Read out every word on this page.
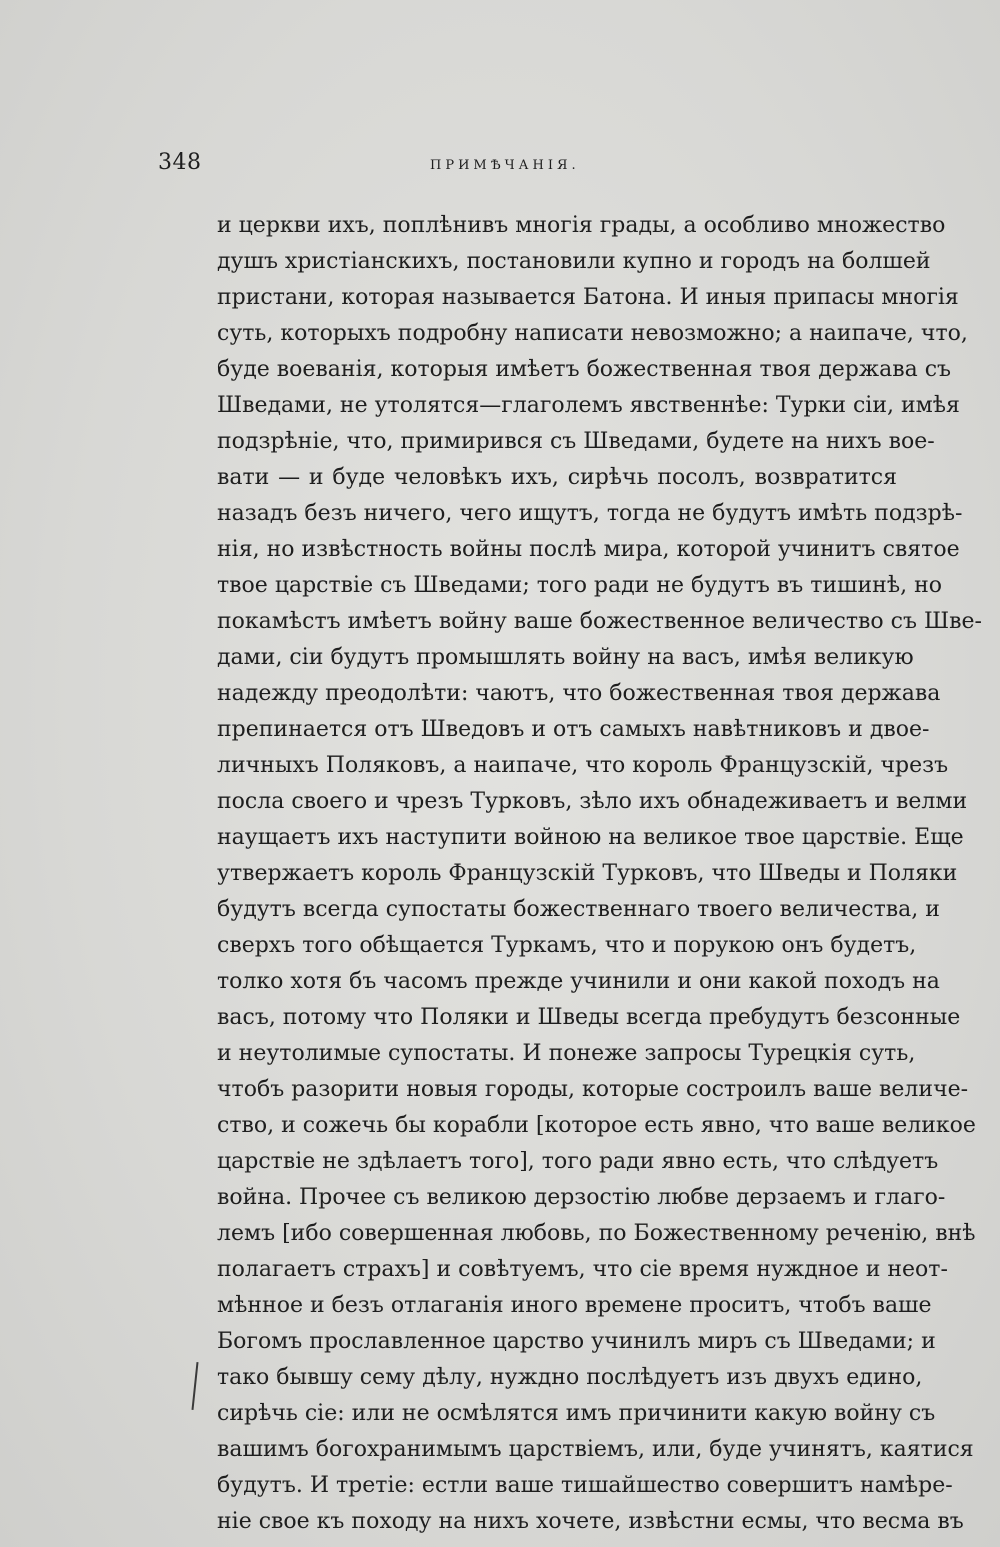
348	ПРИМѢЧАНІЯ.
и церкви ихъ, поплѣнивъ многія грады, а особливо множество
душъ христіанскихъ, постановили купно и городъ на болшей
пристани, которая называется Батона. И иныя припасы многія
суть, которыхъ подробну написати невозможно; а наипаче, что,
буде воеванія, которыя имѣетъ божественная твоя держава съ
Шведами, не утолятся—глаголемъ явственнѣе: Турки сіи, имѣя
подзрѣніе, что, примирився съ Шведами, будете на нихъ вое-
вати — и буде человѣкъ ихъ, сирѣчь посолъ, возвратится
назадъ безъ ничего, чего ищутъ, тогда не будутъ имѣть подзрѣ-
нія, но извѣстность войны послѣ мира, которой учинитъ святое
твое царствіе съ Шведами; того ради не будутъ въ тишинѣ, но
покамѣстъ имѣетъ войну ваше божественное величество съ Шве-
дами, сіи будутъ промышлять войну на васъ, имѣя великую
надежду преодолѣти: чаютъ, что божественная твоя держава
препинается отъ Шведовъ и отъ самыхъ навѣтниковъ и двое-
личныхъ Поляковъ, а наипаче, что король Французскій, чрезъ
посла своего и чрезъ Турковъ, зѣло ихъ обнадеживаетъ и велми
наущаетъ ихъ наступити войною на великое твое царствіе. Еще
утвержаетъ король Французскій Турковъ, что Шведы и Поляки
будутъ всегда супостаты божественнаго твоего величества, и
сверхъ того обѣщается Туркамъ, что и порукою онъ будетъ,
толко хотя бъ часомъ прежде учинили и они какой походъ на
васъ, потому что Поляки и Шведы всегда пребудутъ безсонные
и неутолимые супостаты. И понеже запросы Турецкія суть,
чтобъ разорити новыя городы, которые состроилъ ваше величе-
ство, и сожечь бы корабли [которое есть явно, что ваше великое
царствіе не здѣлаетъ того], того ради явно есть, что слѣдуетъ
война. Прочее съ великою дерзостію любве дерзаемъ и глаго-
лемъ [ибо совершенная любовь, по Божественному реченію, внѣ
полагаетъ страхъ] и совѣтуемъ, что сіе время нуждное и неот-
мѣнное и безъ отлаганія иного времене проситъ, чтобъ ваше
Богомъ прославленное царство учинилъ миръ съ Шведами; и
тако бывшу сему дѣлу, нуждно послѣдуетъ изъ двухъ едино,
сирѣчь сіе: или не осмѣлятся имъ причинити какую войну съ
вашимъ богохранимымъ царствіемъ, или, буде учинятъ, каятися
будутъ. И третіе: естли ваше тишайшество совершитъ намѣре-
ніе свое къ походу на нихъ хочете, извѣстни есмы, что весма въ
